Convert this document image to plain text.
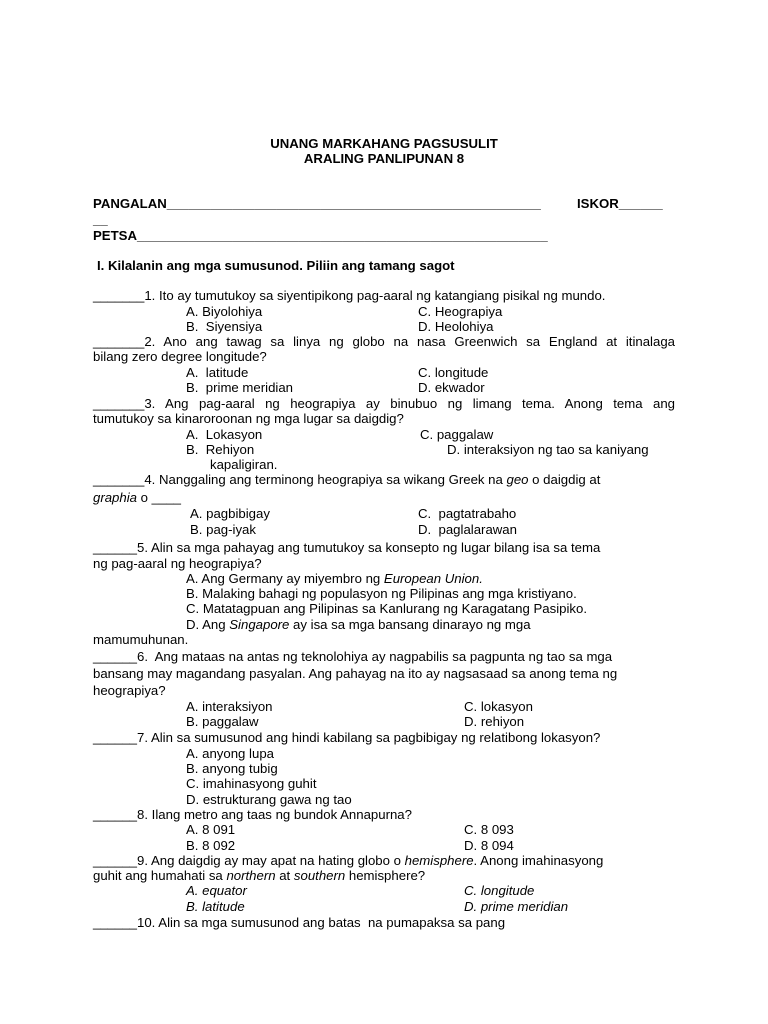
UNANG MARKAHANG PAGSUSULIT
ARALING PANLIPUNAN 8
PANGALAN___________________________________________________	ISKOR______
__
PETSA________________________________________________________
I. Kilalanin ang mga sumusunod. Piliin ang tamang sagot
_______1. Ito ay tumutukoy sa siyentipikong pag-aaral ng katangiang pisikal ng mundo.
A. Biyolohiya	C. Heograpiya
B.  Siyensiya	D. Heolohiya
_______2. Ano ang tawag sa linya ng globo na nasa Greenwich sa England at itinalaga
bilang zero degree longitude?
A.  latitude	C. longitude
B.  prime meridian	D. ekwador
_______3. Ang pag-aaral ng heograpiya ay binubuo ng limang tema. Anong tema ang
tumutukoy sa kinaroroonan ng mga lugar sa daigdig?
A.  Lokasyon	C. paggalaw
B.  Rehiyon	D. interaksiyon ng tao sa kaniyang
kapaligiran.
_______4. Nanggaling ang terminong heograpiya sa wikang Greek na geo o daigdig at
graphia o ____
A. pagbibigay	C.  pagtatrabaho
B. pag-iyak	D.  paglalarawan
______5. Alin sa mga pahayag ang tumutukoy sa konsepto ng lugar bilang isa sa tema
ng pag-aaral ng heograpiya?
A. Ang Germany ay miyembro ng European Union.
B. Malaking bahagi ng populasyon ng Pilipinas ang mga kristiyano.
C. Matatagpuan ang Pilipinas sa Kanlurang ng Karagatang Pasipiko.
D. Ang Singapore ay isa sa mga bansang dinarayo ng mga
mamumuhunan.
______6.  Ang mataas na antas ng teknolohiya ay nagpabilis sa pagpunta ng tao sa mga
bansang may magandang pasyalan. Ang pahayag na ito ay nagsasaad sa anong tema ng
heograpiya?
A. interaksiyon	C. lokasyon
B. paggalaw	D. rehiyon
______7. Alin sa sumusunod ang hindi kabilang sa pagbibigay ng relatibong lokasyon?
A. anyong lupa
B. anyong tubig
C. imahinasyong guhit
D. estrukturang gawa ng tao
______8. Ilang metro ang taas ng bundok Annapurna?
A. 8 091	C. 8 093
B. 8 092	D. 8 094
______9. Ang daigdig ay may apat na hating globo o hemisphere. Anong imahinasyong
guhit ang humahati sa northern at southern hemisphere?
A. equator	C. longitude
B. latitude	D. prime meridian
______10. Alin sa mga sumusunod ang batas  na pumapaksa sa pang
